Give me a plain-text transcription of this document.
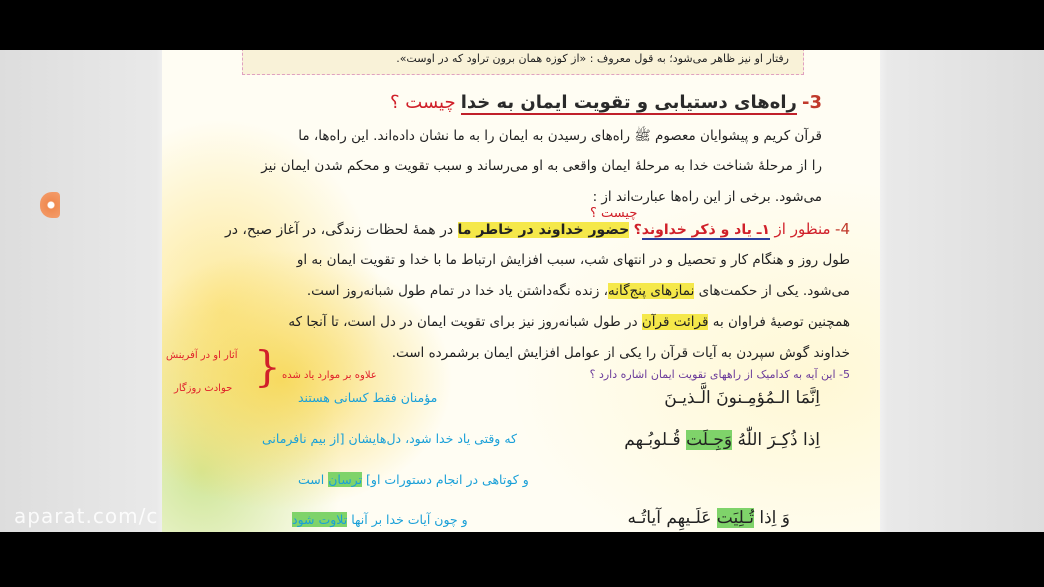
رفتار او نیز ظاهر می‌شود؛ به قول معروف : «از کوزه همان برون تراود که در اوست».
3- راه‌های دستیابی و تقویت ایمان به خدا چیست ؟
قرآن کریم و پیشوایان معصوم ﷺ راه‌های رسیدن به ایمان را به ما نشان داده‌اند. این راه‌ها، ما
را از مرحلهٔ شناخت خدا به مرحلهٔ ایمان واقعی به او می‌رساند و سبب تقویت و محکم شدن ایمان نیز
می‌شود. برخی از این راه‌ها عبارت‌اند از :
چیست ؟
4- منظور از ۱ـ یاد و ذکر خداوند؟ حضور خداوند در خاطر ما در همهٔ لحظات زندگی، در آغاز صبح، در
طول روز و هنگام کار و تحصیل و در انتهای شب، سبب افزایش ارتباط ما با خدا و تقویت ایمان به او
می‌شود. یکی از حکمت‌های نمازهای پنج‌گانه، زنده نگه‌داشتن یاد خدا در تمام طول شبانه‌روز است.
همچنین توصیهٔ فراوان به قرائت قرآن در طول شبانه‌روز نیز برای تقویت ایمان در دل است، تا آنجا که
خداوند گوش سپردن به آیات قرآن را یکی از عوامل افزایش ایمان برشمرده است.
آثار او در آفرینش
حوادث روزگار } علاوه بر موارد یاد شده	5- این آیه به کدامیک از راههای تقویت ایمان اشاره دارد ؟
اِنَّمَا الـمُؤمِـنونَ الَّـذیـنَ
مؤمنان فقط کسانی هستند
اِذا ذُکِـرَ اللّٰهُ وَجِـلَت قُـلوبُـهم
که وقتی یاد خدا شود، دل‌هایشان [از بیم نافرمانی
و کوتاهی در انجام دستورات او] ترسان است
وَ اِذا تُـلِیَت عَلَـیهِم آیاتُـه
و چون آیات خدا بر آنها تلاوت شود
aparat.com/c
